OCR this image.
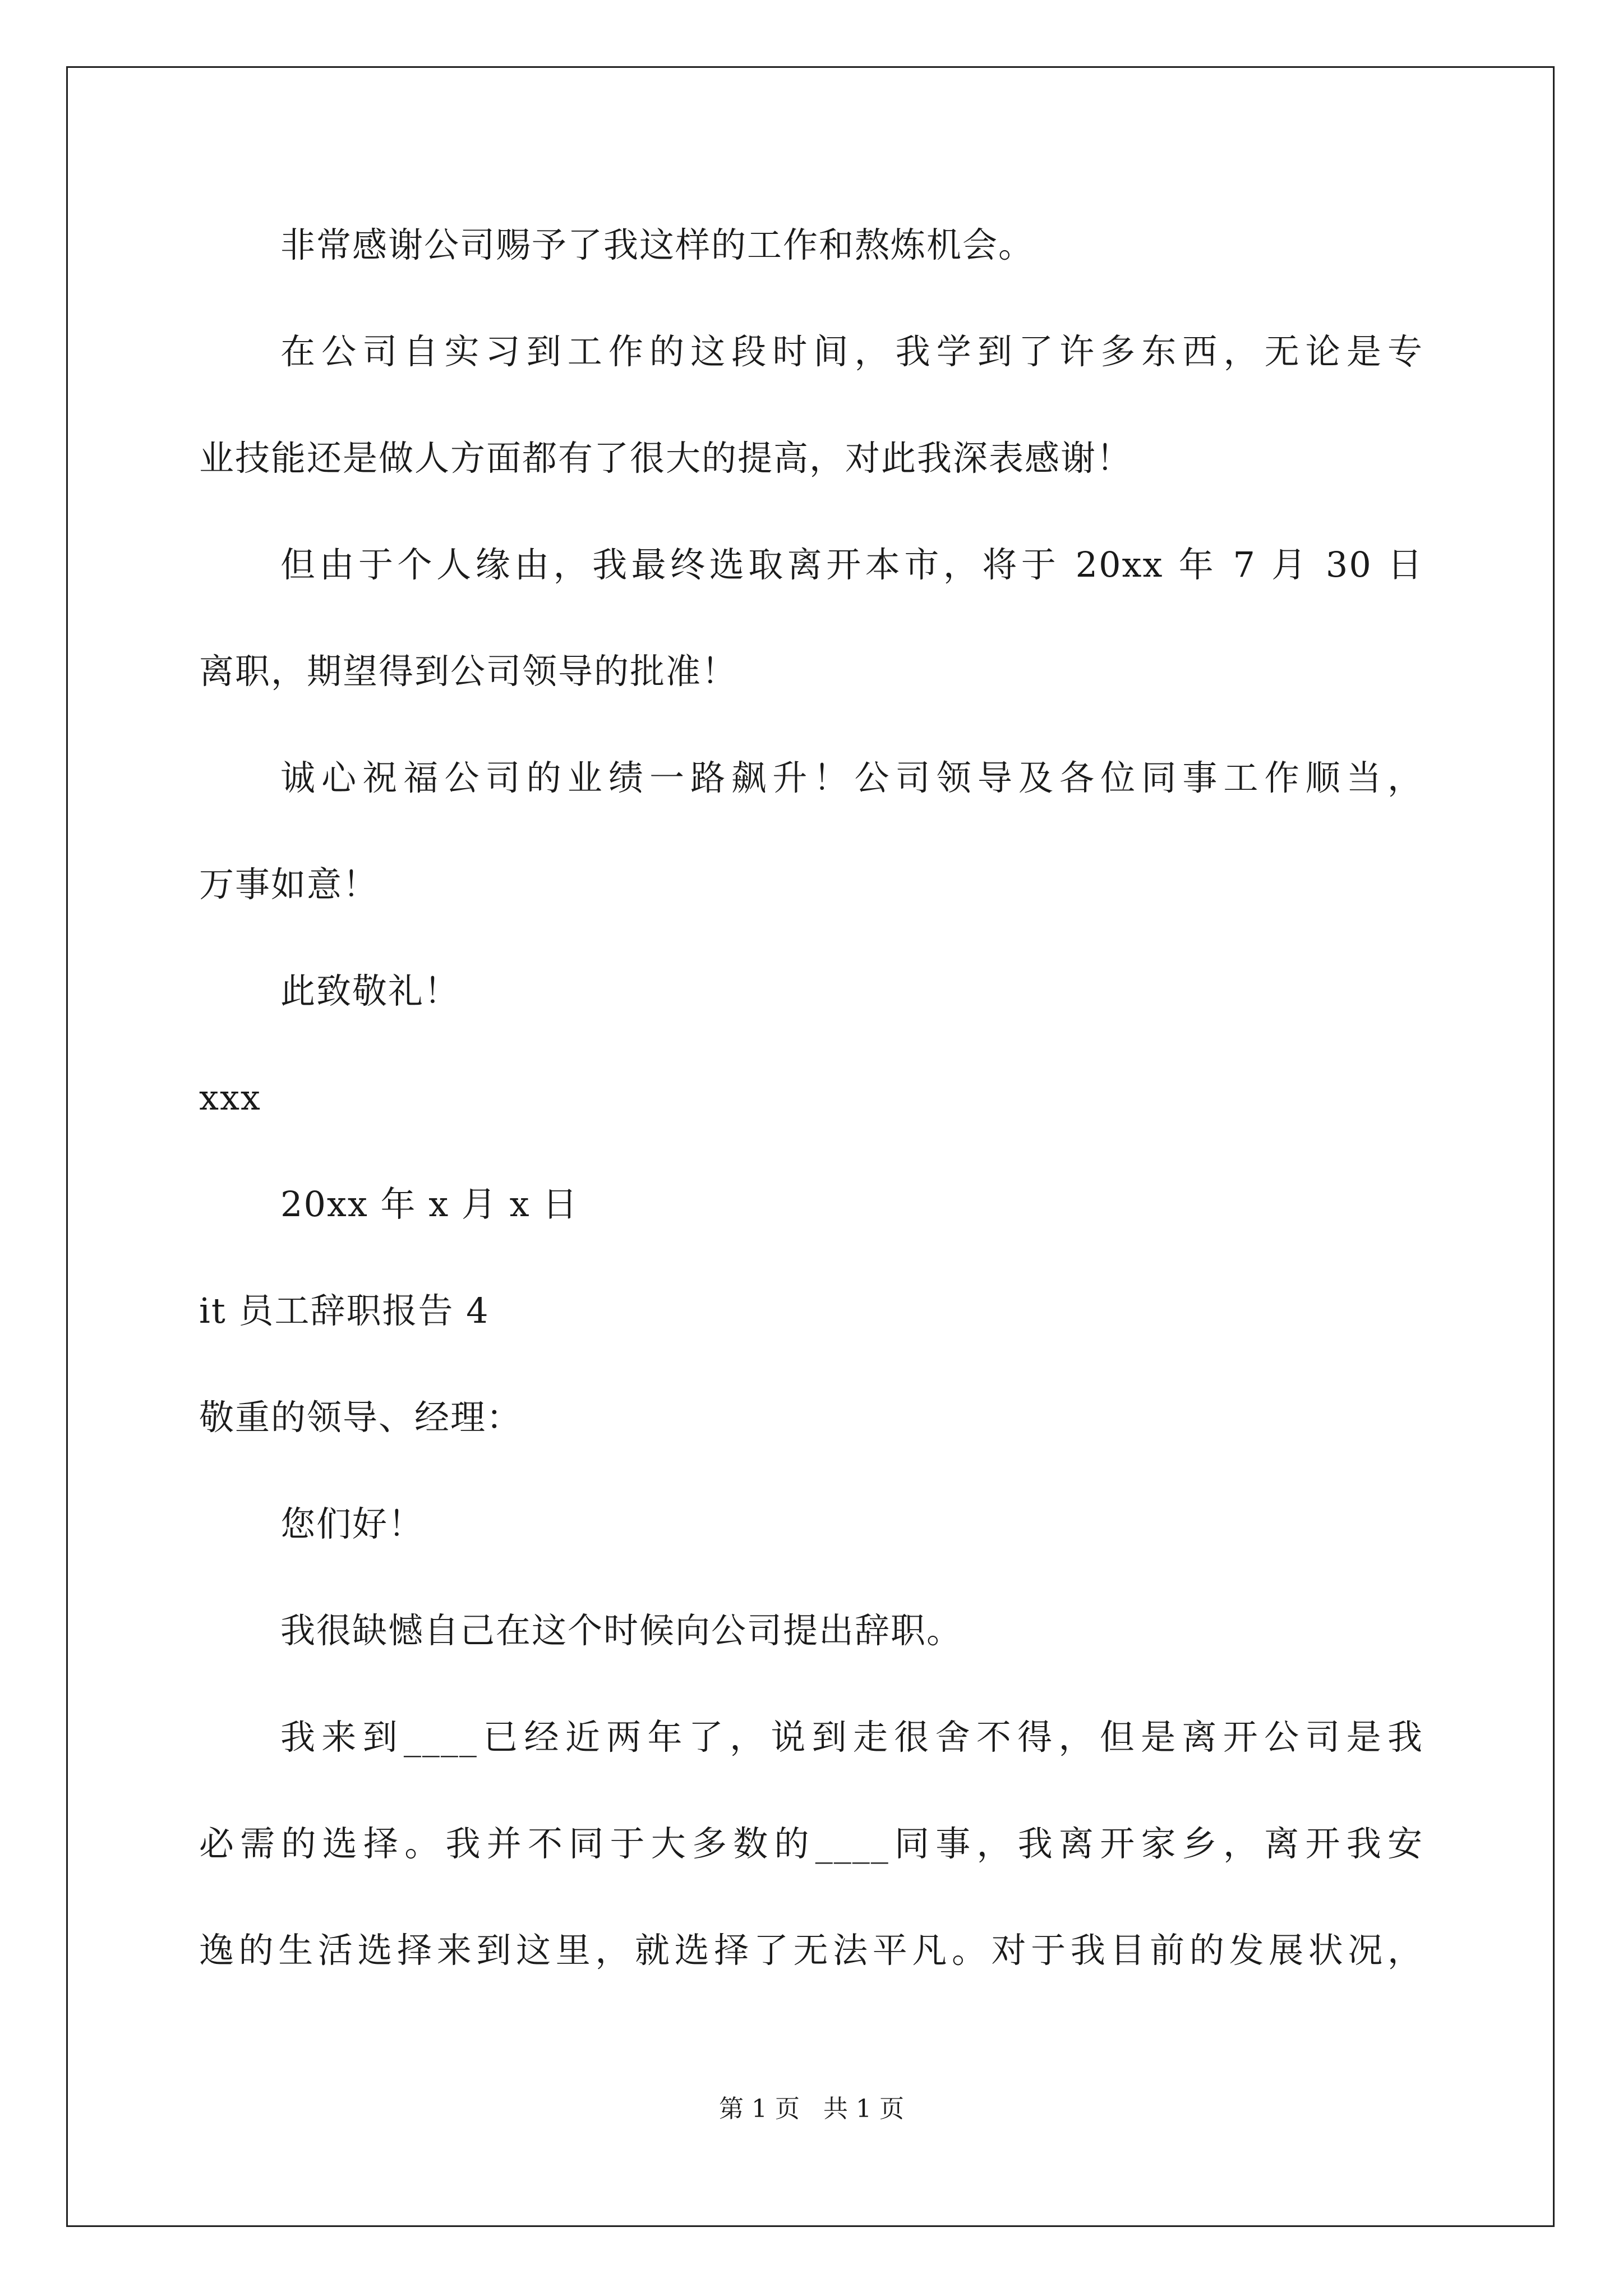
非常感谢公司赐予了我这样的工作和熬炼机会。
在公司自实习到工作的这段时间，我学到了许多东西，无论是专
业技能还是做人方面都有了很大的提高，对此我深表感谢！
但由于个人缘由，我最终选取离开本市，将于 20xx 年 7 月 30 日
离职，期望得到公司领导的批准！
诚心祝福公司的业绩一路飙升！公司领导及各位同事工作顺当，
万事如意！
此致敬礼！
xxx
20xx 年 x 月 x 日
it 员工辞职报告 4
敬重的领导、经理：
您们好！
我很缺憾自己在这个时候向公司提出辞职。
我来到____已经近两年了，说到走很舍不得，但是离开公司是我
必需的选择。我并不同于大多数的____同事，我离开家乡，离开我安
逸的生活选择来到这里，就选择了无法平凡。对于我目前的发展状况，
第 1 页   共 1 页
